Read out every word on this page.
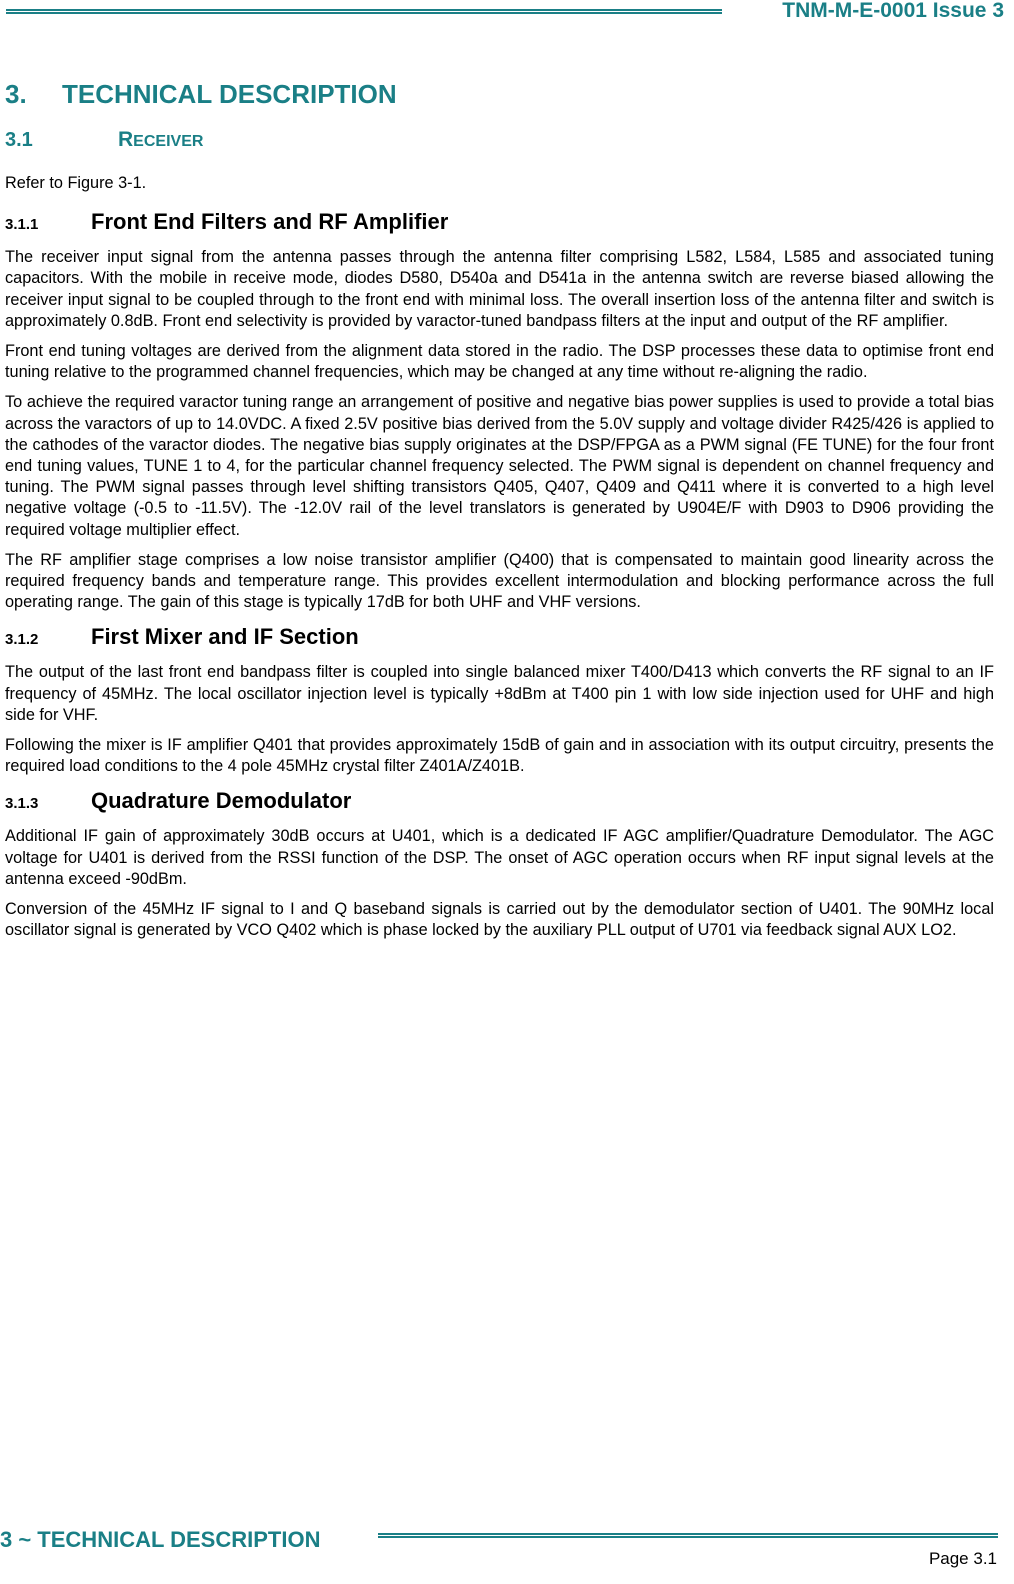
TNM-M-E-0001 Issue 3
3.	TECHNICAL DESCRIPTION
3.1	R ECEIVER

Refer to Figure 3-1.

3.1.1	Front End Filters and RF Amplifier

The receiver input signal from the antenna passes through the antenna filter comprising L582, L584, L585 and associated tuning capacitors. With the mobile in receive mode, diodes D580, D540a and D541a in the antenna switch are reverse biased allowing the receiver input signal to be coupled through to the front end with minimal loss. The overall insertion loss of the antenna filter and switch is approximately 0.8dB. Front end selectivity is provided by varactor-tuned bandpass filters at the input and output of the RF amplifier.

Front end tuning voltages are derived from the alignment data stored in the radio. The DSP processes these data to optimise front end tuning relative to the programmed channel frequencies, which may be changed at any time without re-aligning the radio.

To achieve the required varactor tuning range an arrangement of positive and negative bias power supplies is used to provide a total bias across the varactors of up to 14.0VDC. A fixed 2.5V positive bias derived from the 5.0V supply and voltage divider R425/426 is applied to the cathodes of the varactor diodes. The negative bias supply originates at the DSP/FPGA as a PWM signal (FE TUNE) for the four front end tuning values, TUNE 1 to 4, for the particular channel frequency selected. The PWM signal is dependent on channel frequency and tuning. The PWM signal passes through level shifting transistors Q405, Q407, Q409 and Q411 where it is converted to a high level negative voltage (-0.5 to -11.5V). The -12.0V rail of the level translators is generated by U904E/F with D903 to D906 providing the required voltage multiplier effect.

The RF amplifier stage comprises a low noise transistor amplifier (Q400) that is compensated to maintain good linearity across the required frequency bands and temperature range. This provides excellent intermodulation and blocking performance across the full operating range. The gain of this stage is typically 17dB for both UHF and VHF versions.

3.1.2	First Mixer and IF Section

The output of the last front end bandpass filter is coupled into single balanced mixer T400/D413 which converts the RF signal to an IF frequency of 45MHz. The local oscillator injection level is typically +8dBm at T400 pin 1 with low side injection used for UHF and high side for VHF.

Following the mixer is IF amplifier Q401 that provides approximately 15dB of gain and in association with its output circuitry, presents the required load conditions to the 4 pole 45MHz crystal filter Z401A/Z401B.

3.1.3	Quadrature Demodulator

Additional IF gain of approximately 30dB occurs at U401, which is a dedicated IF AGC amplifier/Quadrature Demodulator. The AGC voltage for U401 is derived from the RSSI function of the DSP. The onset of AGC operation occurs when RF input signal levels at the antenna exceed -90dBm.

Conversion of the 45MHz IF signal to I and Q baseband signals is carried out by the demodulator section of U401. The 90MHz local oscillator signal is generated by VCO Q402 which is phase locked by the auxiliary PLL output of U701 via feedback signal AUX LO2.

3 ~ TECHNICAL DESCRIPTION
Page 3.1
